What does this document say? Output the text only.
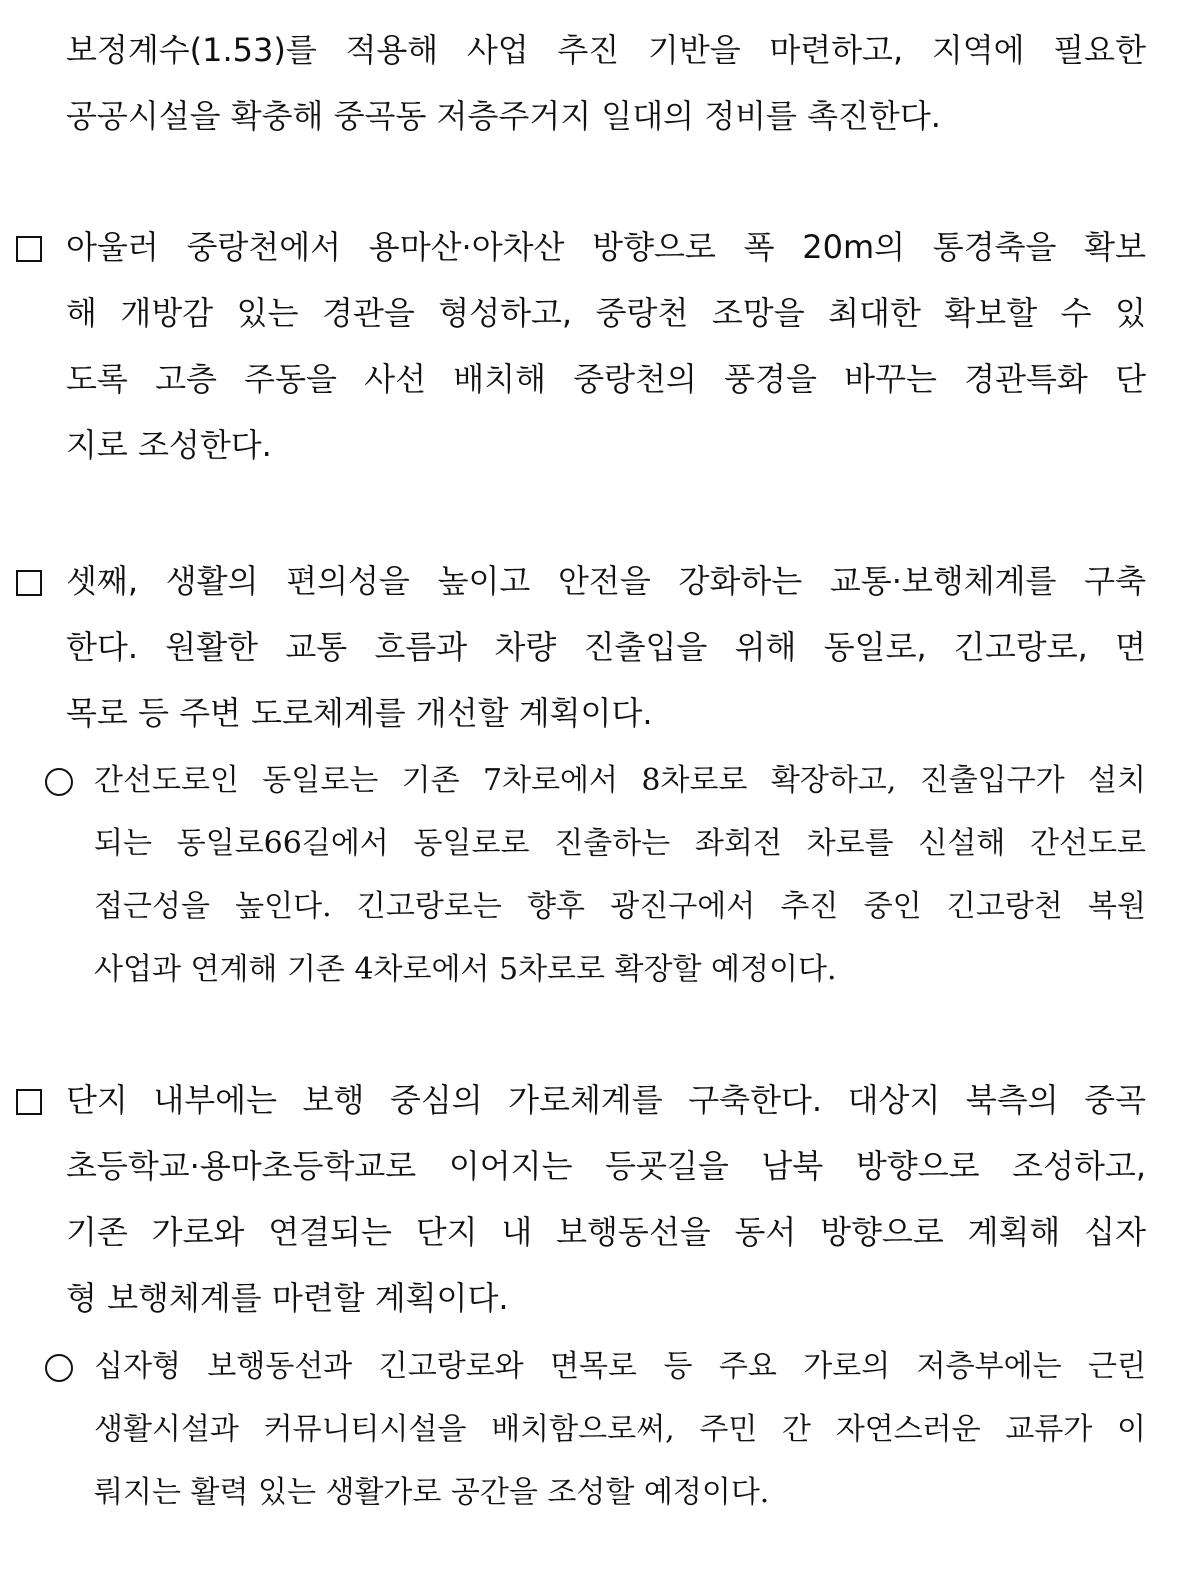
보정계수(1.53)를 적용해 사업 추진 기반을 마련하고, 지역에 필요한
공공시설을 확충해 중곡동 저층주거지 일대의 정비를 촉진한다.
아울러 중랑천에서 용마산·아차산 방향으로 폭 20m의 통경축을 확보
해 개방감 있는 경관을 형성하고, 중랑천 조망을 최대한 확보할 수 있
도록 고층 주동을 사선 배치해 중랑천의 풍경을 바꾸는 경관특화 단
지로 조성한다.
셋째, 생활의 편의성을 높이고 안전을 강화하는 교통·보행체계를 구축
한다. 원활한 교통 흐름과 차량 진출입을 위해 동일로, 긴고랑로, 면
목로 등 주변 도로체계를 개선할 계획이다.
간선도로인 동일로는 기존 7차로에서 8차로로 확장하고, 진출입구가 설치
되는 동일로66길에서 동일로로 진출하는 좌회전 차로를 신설해 간선도로
접근성을 높인다. 긴고랑로는 향후 광진구에서 추진 중인 긴고랑천 복원
사업과 연계해 기존 4차로에서 5차로로 확장할 예정이다.
단지 내부에는 보행 중심의 가로체계를 구축한다. 대상지 북측의 중곡
초등학교·용마초등학교로 이어지는 등굣길을 남북 방향으로 조성하고,
기존 가로와 연결되는 단지 내 보행동선을 동서 방향으로 계획해 십자
형 보행체계를 마련할 계획이다.
십자형 보행동선과 긴고랑로와 면목로 등 주요 가로의 저층부에는 근린
생활시설과 커뮤니티시설을 배치함으로써, 주민 간 자연스러운 교류가 이
뤄지는 활력 있는 생활가로 공간을 조성할 예정이다.
